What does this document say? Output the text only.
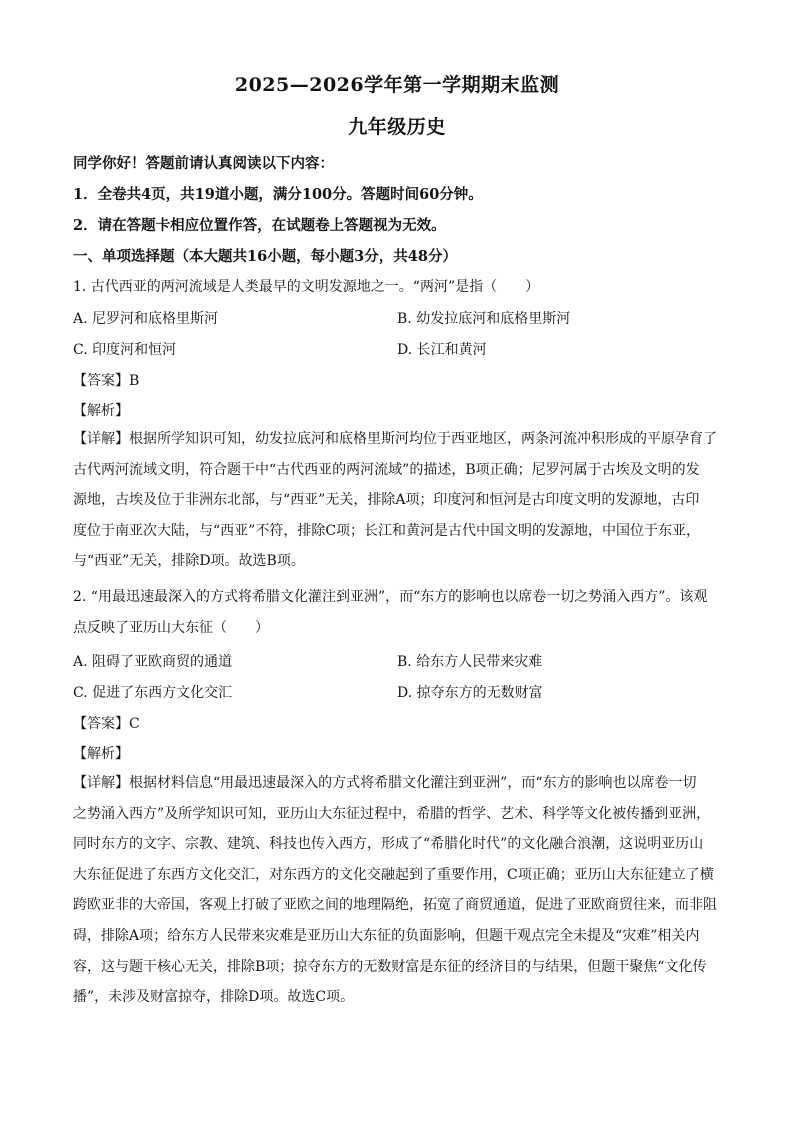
2025—2026学年第一学期期末监测
九年级历史
同学你好！答题前请认真阅读以下内容：
1．全卷共4页，共19道小题，满分100分。答题时间60分钟。
2．请在答题卡相应位置作答，在试题卷上答题视为无效。
一、单项选择题（本大题共16小题，每小题3分，共48分）
1. 古代西亚的两河流域是人类最早的文明发源地之一。“两河”是指（　　）
A. 尼罗河和底格里斯河	B. 幼发拉底河和底格里斯河
C. 印度河和恒河	D. 长江和黄河
【答案】B
【解析】
【详解】根据所学知识可知，幼发拉底河和底格里斯河均位于西亚地区，两条河流冲积形成的平原孕育了
古代两河流域文明，符合题干中“古代西亚的两河流域”的描述，B项正确；尼罗河属于古埃及文明的发
源地，古埃及位于非洲东北部，与“西亚”无关，排除A项；印度河和恒河是古印度文明的发源地，古印
度位于南亚次大陆，与“西亚”不符，排除C项；长江和黄河是古代中国文明的发源地，中国位于东亚，
与“西亚”无关，排除D项。故选B项。
2. “用最迅速最深入的方式将希腊文化灌注到亚洲”，而“东方的影响也以席卷一切之势涌入西方”。该观
点反映了亚历山大东征（　　）
A. 阻碍了亚欧商贸的通道	B. 给东方人民带来灾难
C. 促进了东西方文化交汇	D. 掠夺东方的无数财富
【答案】C
【解析】
【详解】根据材料信息“用最迅速最深入的方式将希腊文化灌注到亚洲”，而“东方的影响也以席卷一切
之势涌入西方”及所学知识可知，亚历山大东征过程中，希腊的哲学、艺术、科学等文化被传播到亚洲，
同时东方的文字、宗教、建筑、科技也传入西方，形成了“希腊化时代”的文化融合浪潮，这说明亚历山
大东征促进了东西方文化交汇，对东西方的文化交融起到了重要作用，C项正确；亚历山大东征建立了横
跨欧亚非的大帝国，客观上打破了亚欧之间的地理隔绝，拓宽了商贸通道，促进了亚欧商贸往来，而非阻
碍，排除A项；给东方人民带来灾难是亚历山大东征的负面影响，但题干观点完全未提及“灾难”相关内
容，这与题干核心无关，排除B项；掠夺东方的无数财富是东征的经济目的与结果，但题干聚焦“文化传
播”，未涉及财富掠夺，排除D项。故选C项。
